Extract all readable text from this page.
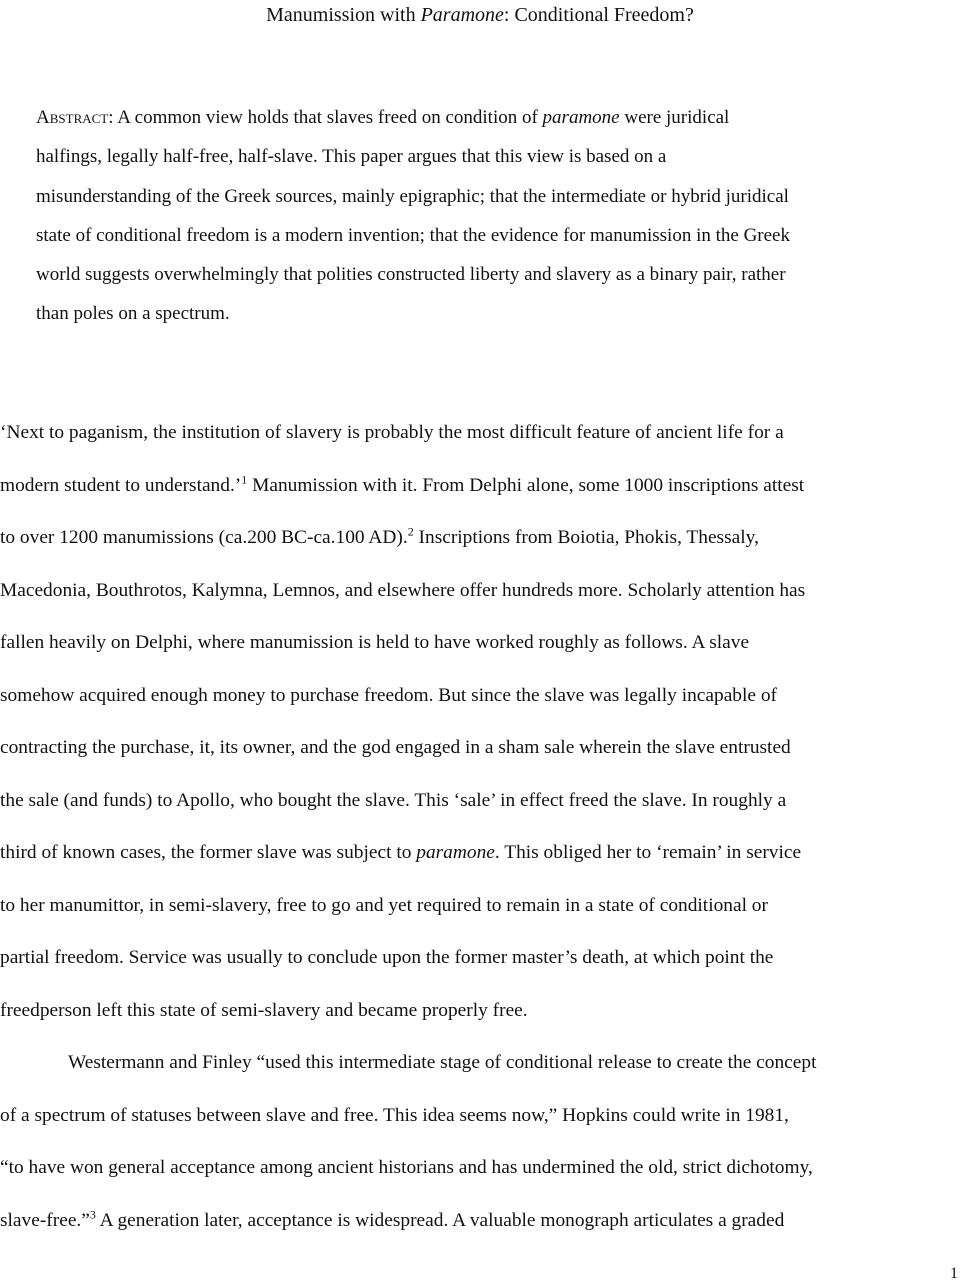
Manumission with Paramone: Conditional Freedom?
Abstract: A common view holds that slaves freed on condition of paramone were juridical
halfings, legally half-free, half-slave. This paper argues that this view is based on a
misunderstanding of the Greek sources, mainly epigraphic; that the intermediate or hybrid juridical
state of conditional freedom is a modern invention; that the evidence for manumission in the Greek
world suggests overwhelmingly that polities constructed liberty and slavery as a binary pair, rather
than poles on a spectrum.
‘Next to paganism, the institution of slavery is probably the most difficult feature of ancient life for a
modern student to understand.’$^1$ Manumission with it. From Delphi alone, some 1000 inscriptions attest
to over 1200 manumissions (ca.200 BC-ca.100 AD).$^2$ Inscriptions from Boiotia, Phokis, Thessaly,
Macedonia, Bouthrotos, Kalymna, Lemnos, and elsewhere offer hundreds more. Scholarly attention has
fallen heavily on Delphi, where manumission is held to have worked roughly as follows. A slave
somehow acquired enough money to purchase freedom. But since the slave was legally incapable of
contracting the purchase, it, its owner, and the god engaged in a sham sale wherein the slave entrusted
the sale (and funds) to Apollo, who bought the slave. This ‘sale’ in effect freed the slave. In roughly a
third of known cases, the former slave was subject to paramone. This obliged her to ‘remain’ in service
to her manumittor, in semi-slavery, free to go and yet required to remain in a state of conditional or
partial freedom. Service was usually to conclude upon the former master’s death, at which point the
freedperson left this state of semi-slavery and became properly free.
Westermann and Finley “used this intermediate stage of conditional release to create the concept
of a spectrum of statuses between slave and free. This idea seems now,” Hopkins could write in 1981,
“to have won general acceptance among ancient historians and has undermined the old, strict dichotomy,
slave-free.”$^3$ A generation later, acceptance is widespread. A valuable monograph articulates a graded
1
